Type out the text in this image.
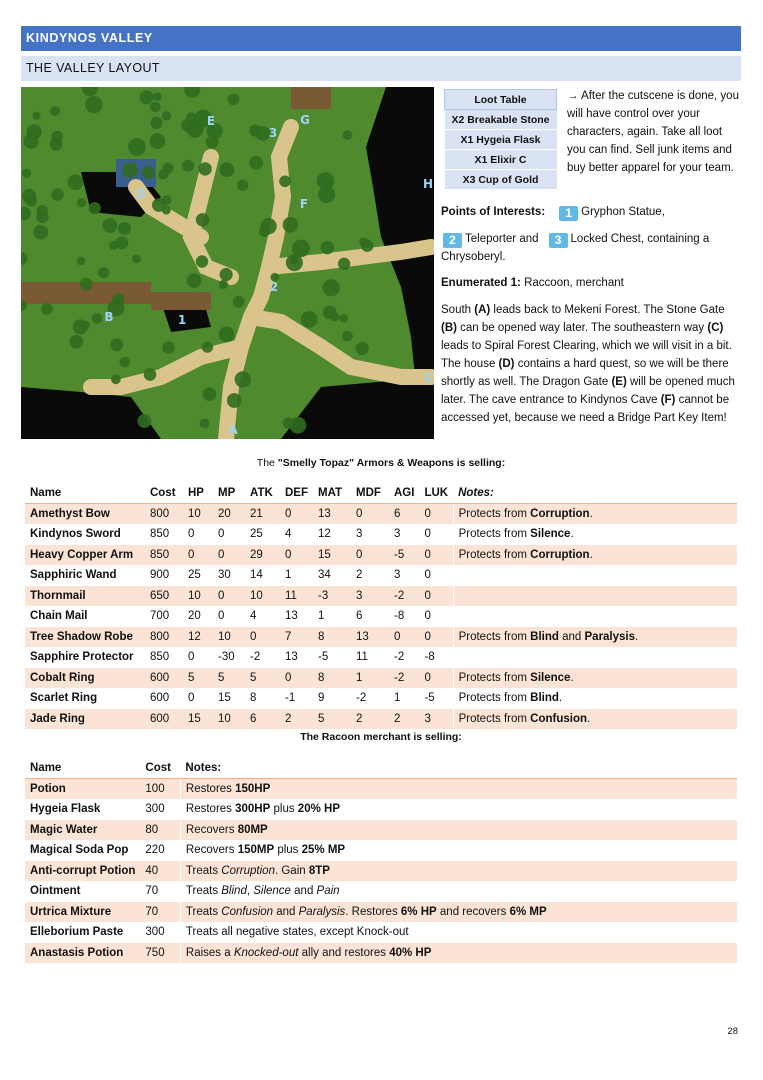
KINDYNOS VALLEY
THE VALLEY LAYOUT
A
B
C
D
E
F
G
H
1
2
3
Loot Table
X2 Breakable Stone
X1 Hygeia Flask
X1 Elixir C
X3 Cup of Gold
→ After the cutscene is done, you will have control over your characters, again. Take all loot you can find. Sell junk items and buy better apparel for your team.
Points of Interests: 1 Gryphon Statue,

2 Teleporter and 3 Locked Chest, containing a Chrysoberyl.
Enumerated 1: Raccoon, merchant
South (A) leads back to Mekeni Forest. The Stone Gate (B) can be opened way later. The southeastern way (C) leads to Spiral Forest Clearing, which we will visit in a bit. The house (D) contains a hard quest, so we will be there shortly as well. The Dragon Gate (E) will be opened much later. The cave entrance to Kindynos Cave (F) cannot be accessed yet, because we need a Bridge Part Key Item!
The "Smelly Topaz" Armors & Weapons is selling:
Name	Cost	HP	MP	ATK	DEF	MAT	MDF	AGI	LUK	Notes:
Amethyst Bow	800	10	20	21	0	13	0	6	0	Protects from Corruption.
Kindynos Sword	850	0	0	25	4	12	3	3	0	Protects from Silence.
Heavy Copper Arm	850	0	0	29	0	15	0	-5	0	Protects from Corruption.
Sapphiric Wand	900	25	30	14	1	34	2	3	0	
Thornmail	650	10	0	10	11	-3	3	-2	0	
Chain Mail	700	20	0	4	13	1	6	-8	0	
Tree Shadow Robe	800	12	10	0	7	8	13	0	0	Protects from Blind and Paralysis.
Sapphire Protector	850	0	-30	-2	13	-5	11	-2	-8	
Cobalt Ring	600	5	5	5	0	8	1	-2	0	Protects from Silence.
Scarlet Ring	600	0	15	8	-1	9	-2	1	-5	Protects from Blind.
Jade Ring	600	15	10	6	2	5	2	2	3	Protects from Confusion.
The Racoon merchant is selling:
Name	Cost	Notes:
Potion	100	Restores 150HP
Hygeia Flask	300	Restores 300HP plus 20% HP
Magic Water	80	Recovers 80MP
Magical Soda Pop	220	Recovers 150MP plus 25% MP
Anti-corrupt Potion	40	Treats Corruption. Gain 8TP
Ointment	70	Treats Blind, Silence and Pain
Urtrica Mixture	70	Treats Confusion and Paralysis. Restores 6% HP and recovers 6% MP
Elleborium Paste	300	Treats all negative states, except Knock-out
Anastasis Potion	750	Raises a Knocked-out ally and restores 40% HP
28
